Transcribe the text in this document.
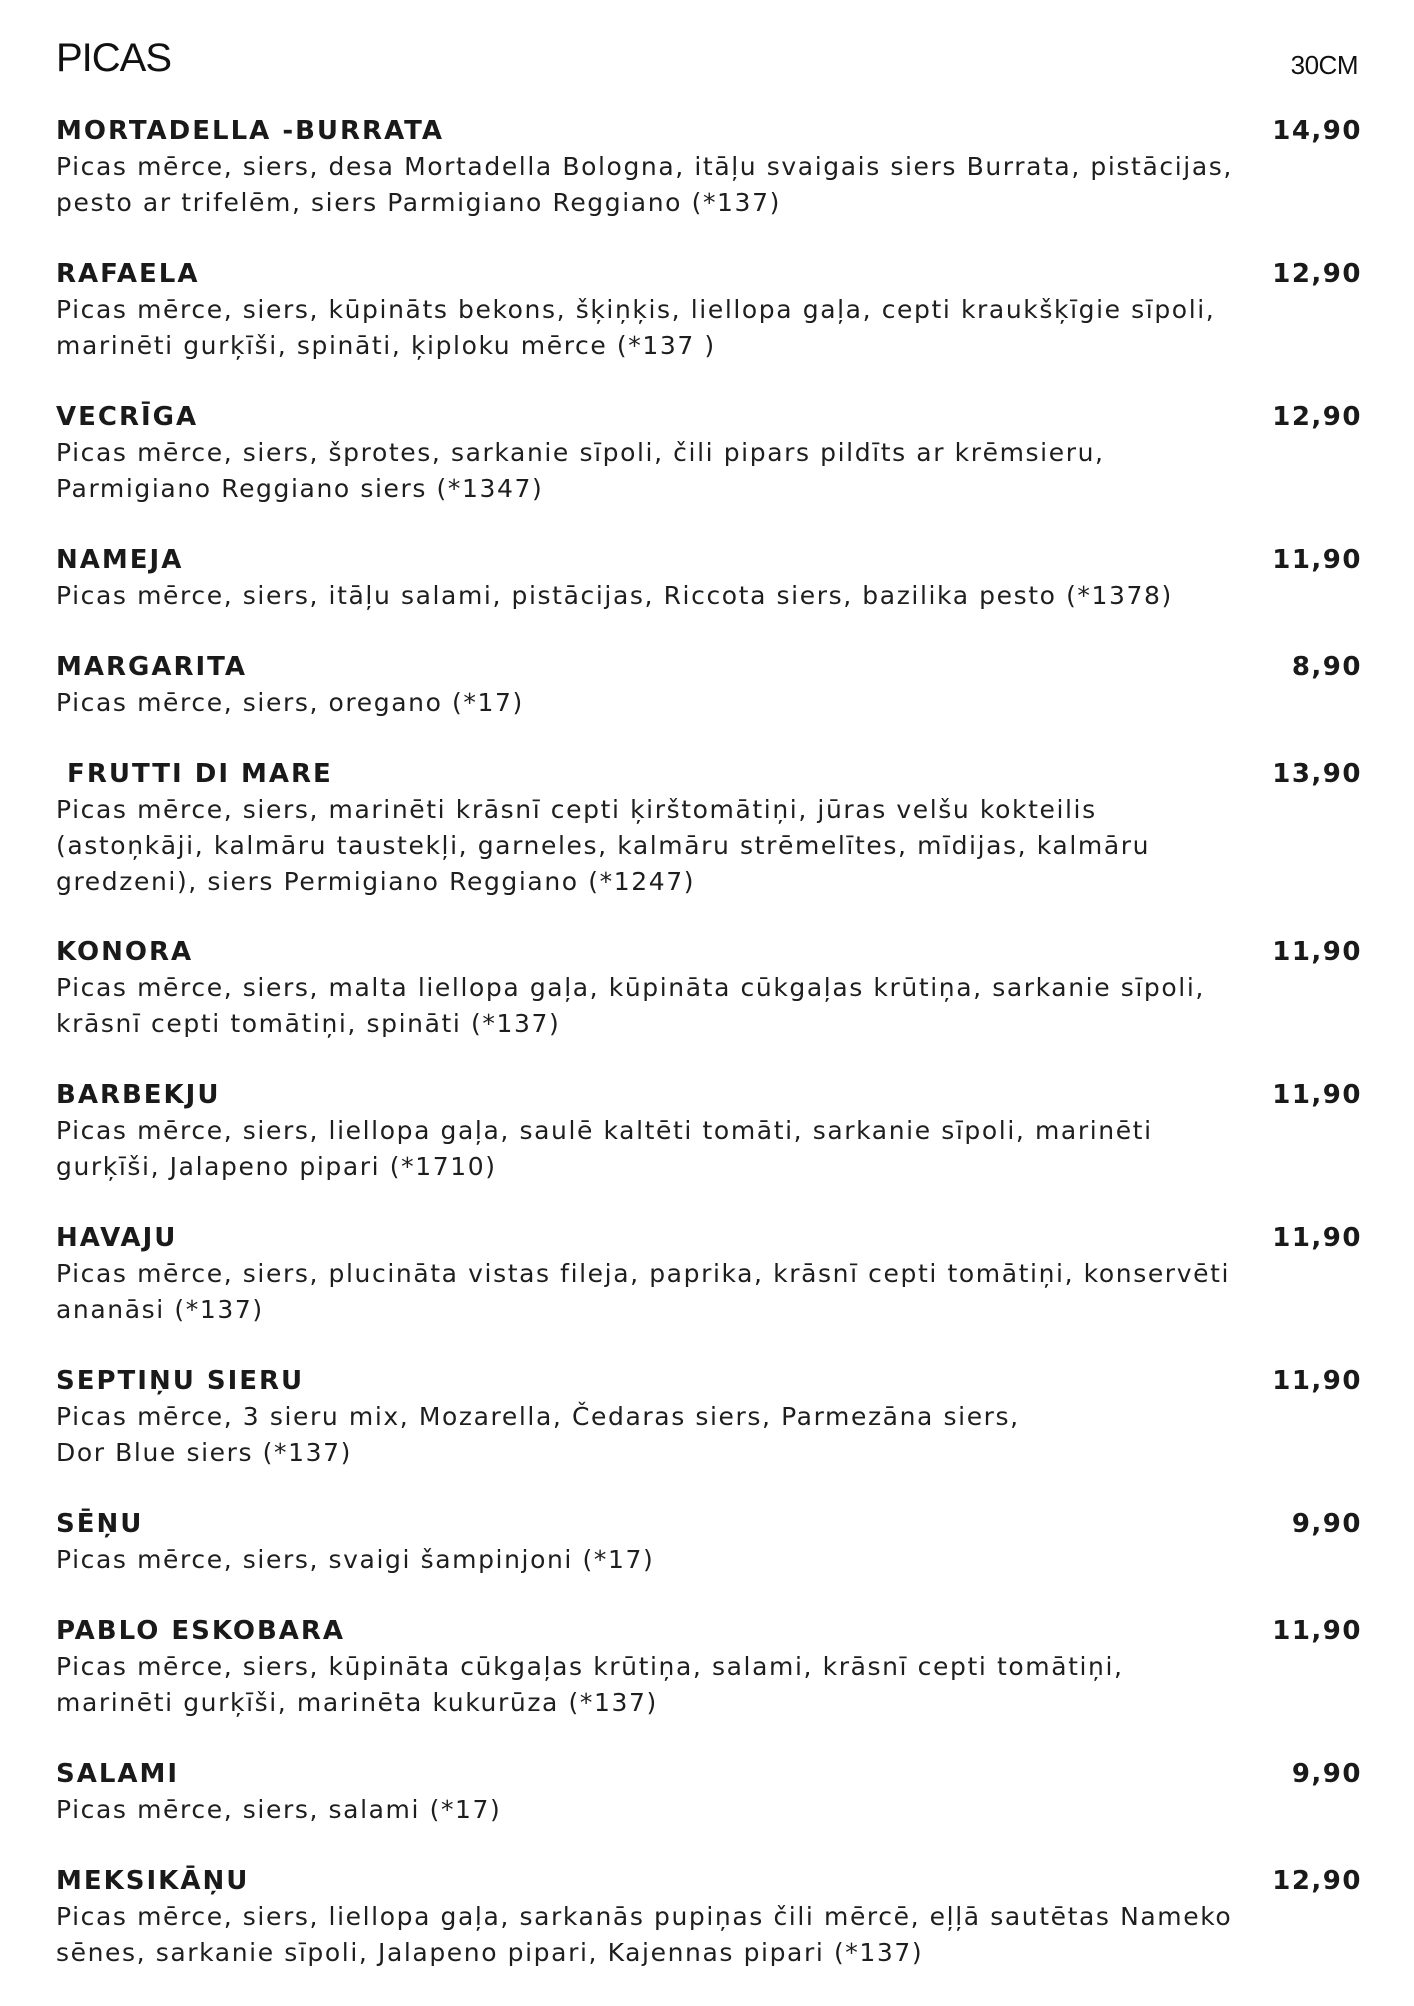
PICAS	30CM
MORTADELLA -BURRATA	14,90
Picas mērce, siers, desa Mortadella Bologna, itāļu svaigais siers Burrata, pistācijas,
pesto ar trifelēm, siers Parmigiano Reggiano (*137)
RAFAELA	12,90
Picas mērce, siers, kūpināts bekons, šķiņķis, liellopa gaļa, cepti kraukšķīgie sīpoli,
marinēti gurķīši, spināti, ķiploku mērce (*137 )
VECRĪGA	12,90
Picas mērce, siers, šprotes, sarkanie sīpoli, čili pipars pildīts ar krēmsieru,
Parmigiano Reggiano siers (*1347)
NAMEJA	11,90
Picas mērce, siers, itāļu salami, pistācijas, Riccota siers, bazilika pesto (*1378)
MARGARITA	8,90
Picas mērce, siers, oregano (*17)
FRUTTI DI MARE	13,90
Picas mērce, siers, marinēti krāsnī cepti ķirštomātiņi, jūras velšu kokteilis
(astoņkāji, kalmāru taustekļi, garneles, kalmāru strēmelītes, mīdijas, kalmāru
gredzeni), siers Permigiano Reggiano (*1247)
KONORA	11,90
Picas mērce, siers, malta liellopa gaļa, kūpināta cūkgaļas krūtiņa, sarkanie sīpoli,
krāsnī cepti tomātiņi, spināti (*137)
BARBEKJU	11,90
Picas mērce, siers, liellopa gaļa, saulē kaltēti tomāti, sarkanie sīpoli, marinēti
gurķīši, Jalapeno pipari (*1710)
HAVAJU	11,90
Picas mērce, siers, plucināta vistas fileja, paprika, krāsnī cepti tomātiņi, konservēti
ananāsi (*137)
SEPTIŅU SIERU	11,90
Picas mērce, 3 sieru mix, Mozarella, Čedaras siers, Parmezāna siers,
Dor Blue siers (*137)
SĒŅU	9,90
Picas mērce, siers, svaigi šampinjoni (*17)
PABLO ESKOBARA	11,90
Picas mērce, siers, kūpināta cūkgaļas krūtiņa, salami, krāsnī cepti tomātiņi,
marinēti gurķīši, marinēta kukurūza (*137)
SALAMI	9,90
Picas mērce, siers, salami (*17)
MEKSIKĀŅU	12,90
Picas mērce, siers, liellopa gaļa, sarkanās pupiņas čili mērcē, eļļā sautētas Nameko
sēnes, sarkanie sīpoli, Jalapeno pipari, Kajennas pipari (*137)
